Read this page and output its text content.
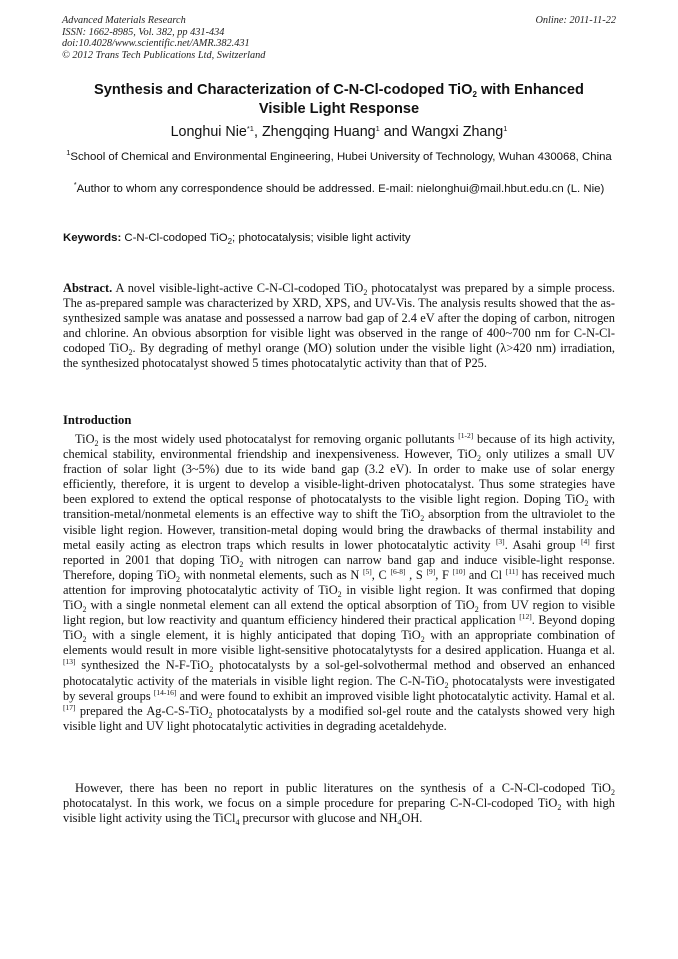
Advanced Materials Research
ISSN: 1662-8985, Vol. 382, pp 431-434
doi:10.4028/www.scientific.net/AMR.382.431
© 2012 Trans Tech Publications Ltd, Switzerland
Online: 2011-11-22
Synthesis and Characterization of C-N-Cl-codoped TiO$_2$ with Enhanced
Visible Light Response
Longhui Nie$^{*1}$, Zhengqing Huang$^1$ and Wangxi Zhang$^1$
$^1$School of Chemical and Environmental Engineering, Hubei University of Technology, Wuhan 430068, China
*Author to whom any correspondence should be addressed. E-mail: nielonghui@mail.hbut.edu.cn (L. Nie)
Keywords: C-N-Cl-codoped TiO$_2$; photocatalysis; visible light activity
Abstract. A novel visible-light-active C-N-Cl-codoped TiO$_2$ photocatalyst was prepared by a simple process. The as-prepared sample was characterized by XRD, XPS, and UV-Vis. The analysis results showed that the as-synthesized sample was anatase and possessed a narrow bad gap of 2.4 eV after the doping of carbon, nitrogen and chlorine. An obvious absorption for visible light was observed in the range of 400~700 nm for C-N-Cl-codoped TiO$_2$. By degrading of methyl orange (MO) solution under the visible light (λ>420 nm) irradiation, the synthesized photocatalyst showed 5 times photocatalytic activity than that of P25.
Introduction
TiO$_2$ is the most widely used photocatalyst for removing organic pollutants [1-2] because of its high activity, chemical stability, environmental friendship and inexpensiveness. However, TiO$_2$ only utilizes a small UV fraction of solar light (3~5%) due to its wide band gap (3.2 eV). In order to make use of solar energy efficiently, therefore, it is urgent to develop a visible-light-driven photocatalyst. Thus some strategies have been explored to extend the optical response of photocatalysts to the visible light region. Doping TiO$_2$ with transition-metal/nonmetal elements is an effective way to shift the TiO$_2$ absorption from the ultraviolet to the visible light region. However, transition-metal doping would bring the drawbacks of thermal instability and metal easily acting as electron traps which results in lower photocatalytic activity [3]. Asahi group [4] first reported in 2001 that doping TiO$_2$ with nitrogen can narrow band gap and induce visible-light response. Therefore, doping TiO$_2$ with nonmetal elements, such as N [5], C [6-8] , S [9], F [10] and Cl [11] has received much attention for improving photocatalytic activity of TiO$_2$ in visible light region. It was confirmed that doping TiO$_2$ with a single nonmetal element can all extend the optical absorption of TiO$_2$ from UV region to visible light region, but low reactivity and quantum efficiency hindered their practical application [12]. Beyond doping TiO$_2$ with a single element, it is highly anticipated that doping TiO$_2$ with an appropriate combination of elements would result in more visible light-sensitive photocatalytysts for a desired application. Huanga et al. [13] synthesized the N-F-TiO$_2$ photocatalysts by a sol-gel-solvothermal method and observed an enhanced photocatalytic activity of the materials in visible light region. The C-N-TiO$_2$ photocatalysts were investigated by several groups [14-16] and were found to exhibit an improved visible light photocatalytic activity. Hamal et al. [17] prepared the Ag-C-S-TiO$_2$ photocatalysts by a modified sol-gel route and the catalysts showed very high visible light and UV light photocatalytic activities in degrading acetaldehyde.
However, there has been no report in public literatures on the synthesis of a C-N-Cl-codoped TiO$_2$ photocatalyst. In this work, we focus on a simple procedure for preparing C-N-Cl-codoped TiO$_2$ with high visible light activity using the TiCl$_4$ precursor with glucose and $NH_4OH$.
